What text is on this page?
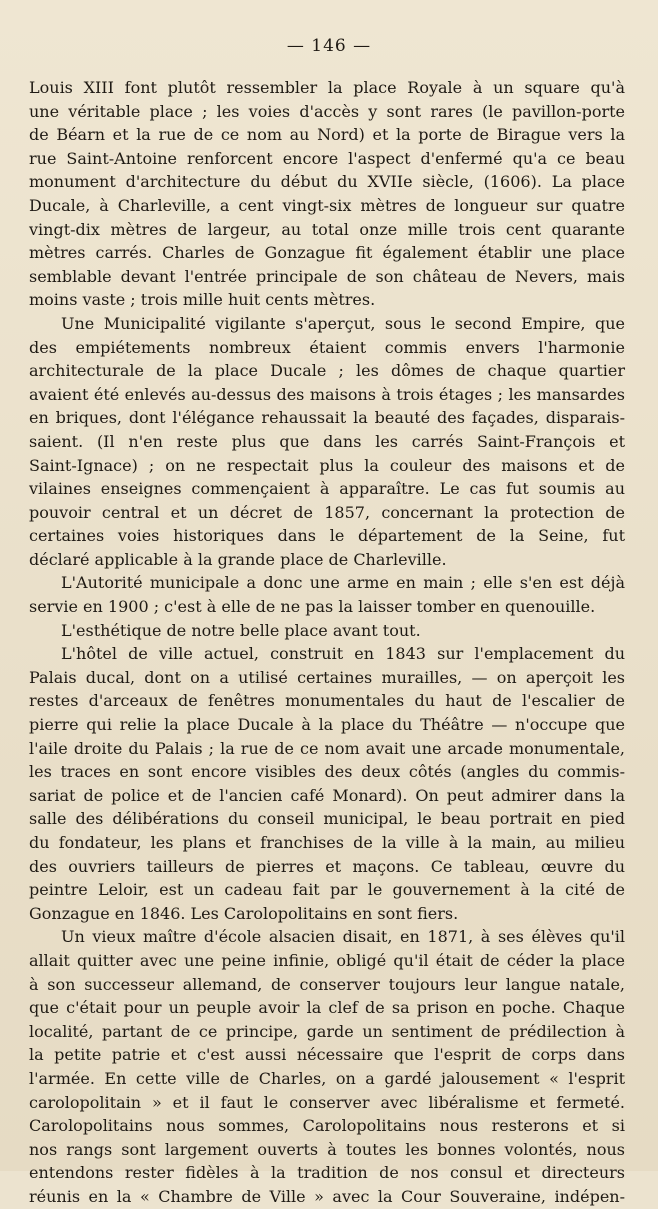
— 146 —
Louis XIII font plutôt ressembler la place Royale à un square qu'à
une véritable place ; les voies d'accès y sont rares (le pavillon-porte
de Béarn et la rue de ce nom au Nord) et la porte de Birague vers la
rue Saint-Antoine renforcent encore l'aspect d'enfermé qu'a ce beau
monument d'architecture du début du XVIIe siècle, (1606). La place
Ducale, à Charleville, a cent vingt-six mètres de longueur sur quatre
vingt-dix mètres de largeur, au total onze mille trois cent quarante
mètres carrés. Charles de Gonzague fit également établir une place
semblable devant l'entrée principale de son château de Nevers, mais
moins vaste ; trois mille huit cents mètres.
Une Municipalité vigilante s'aperçut, sous le second Empire, que
des empiétements nombreux étaient commis envers l'harmonie
architecturale de la place Ducale ; les dômes de chaque quartier
avaient été enlevés au-dessus des maisons à trois étages ; les mansardes
en briques, dont l'élégance rehaussait la beauté des façades, disparais-
saient. (Il n'en reste plus que dans les carrés Saint-François et
Saint-Ignace) ; on ne respectait plus la couleur des maisons et de
vilaines enseignes commençaient à apparaître. Le cas fut soumis au
pouvoir central et un décret de 1857, concernant la protection de
certaines voies historiques dans le département de la Seine, fut
déclaré applicable à la grande place de Charleville.
L'Autorité municipale a donc une arme en main ; elle s'en est déjà
servie en 1900 ; c'est à elle de ne pas la laisser tomber en quenouille.
L'esthétique de notre belle place avant tout.
L'hôtel de ville actuel, construit en 1843 sur l'emplacement du
Palais ducal, dont on a utilisé certaines murailles, — on aperçoit les
restes d'arceaux de fenêtres monumentales du haut de l'escalier de
pierre qui relie la place Ducale à la place du Théâtre — n'occupe que
l'aile droite du Palais ; la rue de ce nom avait une arcade monumentale,
les traces en sont encore visibles des deux côtés (angles du commis-
sariat de police et de l'ancien café Monard). On peut admirer dans la
salle des délibérations du conseil municipal, le beau portrait en pied
du fondateur, les plans et franchises de la ville à la main, au milieu
des ouvriers tailleurs de pierres et maçons. Ce tableau, œuvre du
peintre Leloir, est un cadeau fait par le gouvernement à la cité de
Gonzague en 1846. Les Carolopolitains en sont fiers.
Un vieux maître d'école alsacien disait, en 1871, à ses élèves qu'il
allait quitter avec une peine infinie, obligé qu'il était de céder la place
à son successeur allemand, de conserver toujours leur langue natale,
que c'était pour un peuple avoir la clef de sa prison en poche. Chaque
localité, partant de ce principe, garde un sentiment de prédilection à
la petite patrie et c'est aussi nécessaire que l'esprit de corps dans
l'armée. En cette ville de Charles, on a gardé jalousement « l'esprit
carolopolitain » et il faut le conserver avec libéralisme et fermeté.
Carolopolitains nous sommes, Carolopolitains nous resterons et si
nos rangs sont largement ouverts à toutes les bonnes volontés, nous
entendons rester fidèles à la tradition de nos consul et directeurs
réunis en la « Chambre de Ville » avec la Cour Souveraine, indépen-
